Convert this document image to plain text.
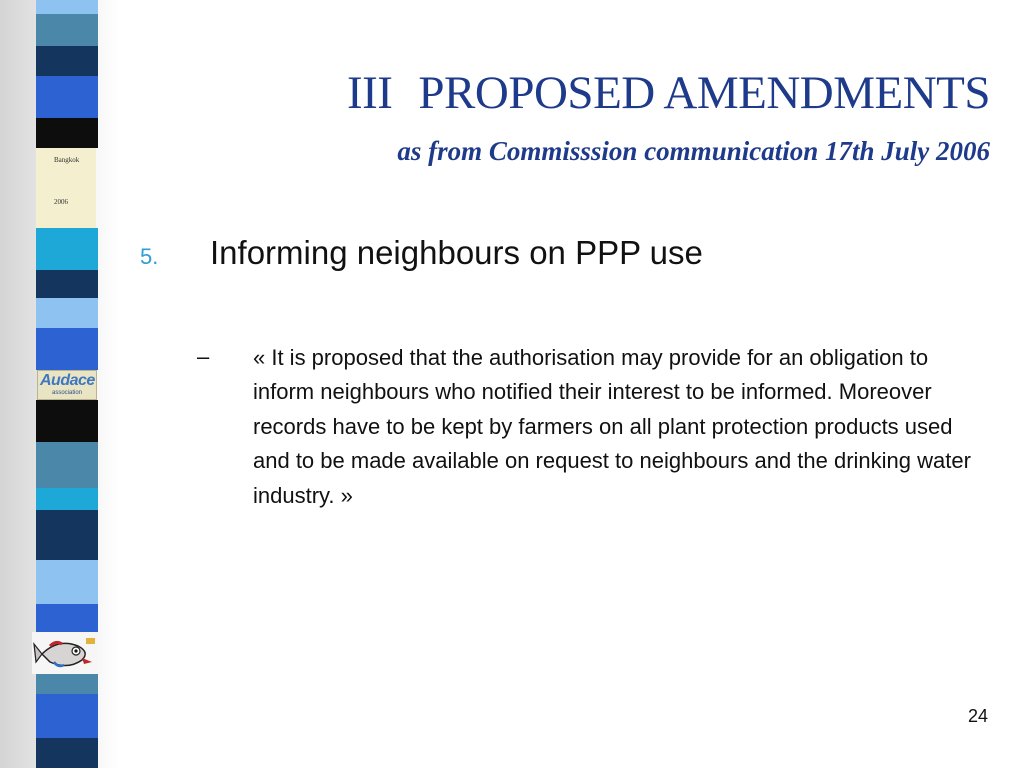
Bangkok
2006
Audace
association
III PROPOSED AMENDMENTS
as from Commisssion communication 17th July 2006
5. Informing neighbours on PPP use
– « It is proposed that the authorisation may provide for an obligation to inform neighbours who notified their interest to be informed. Moreover records have to be kept by farmers on all plant protection products used and to be made available on request to neighbours and the drinking water industry. »
24
